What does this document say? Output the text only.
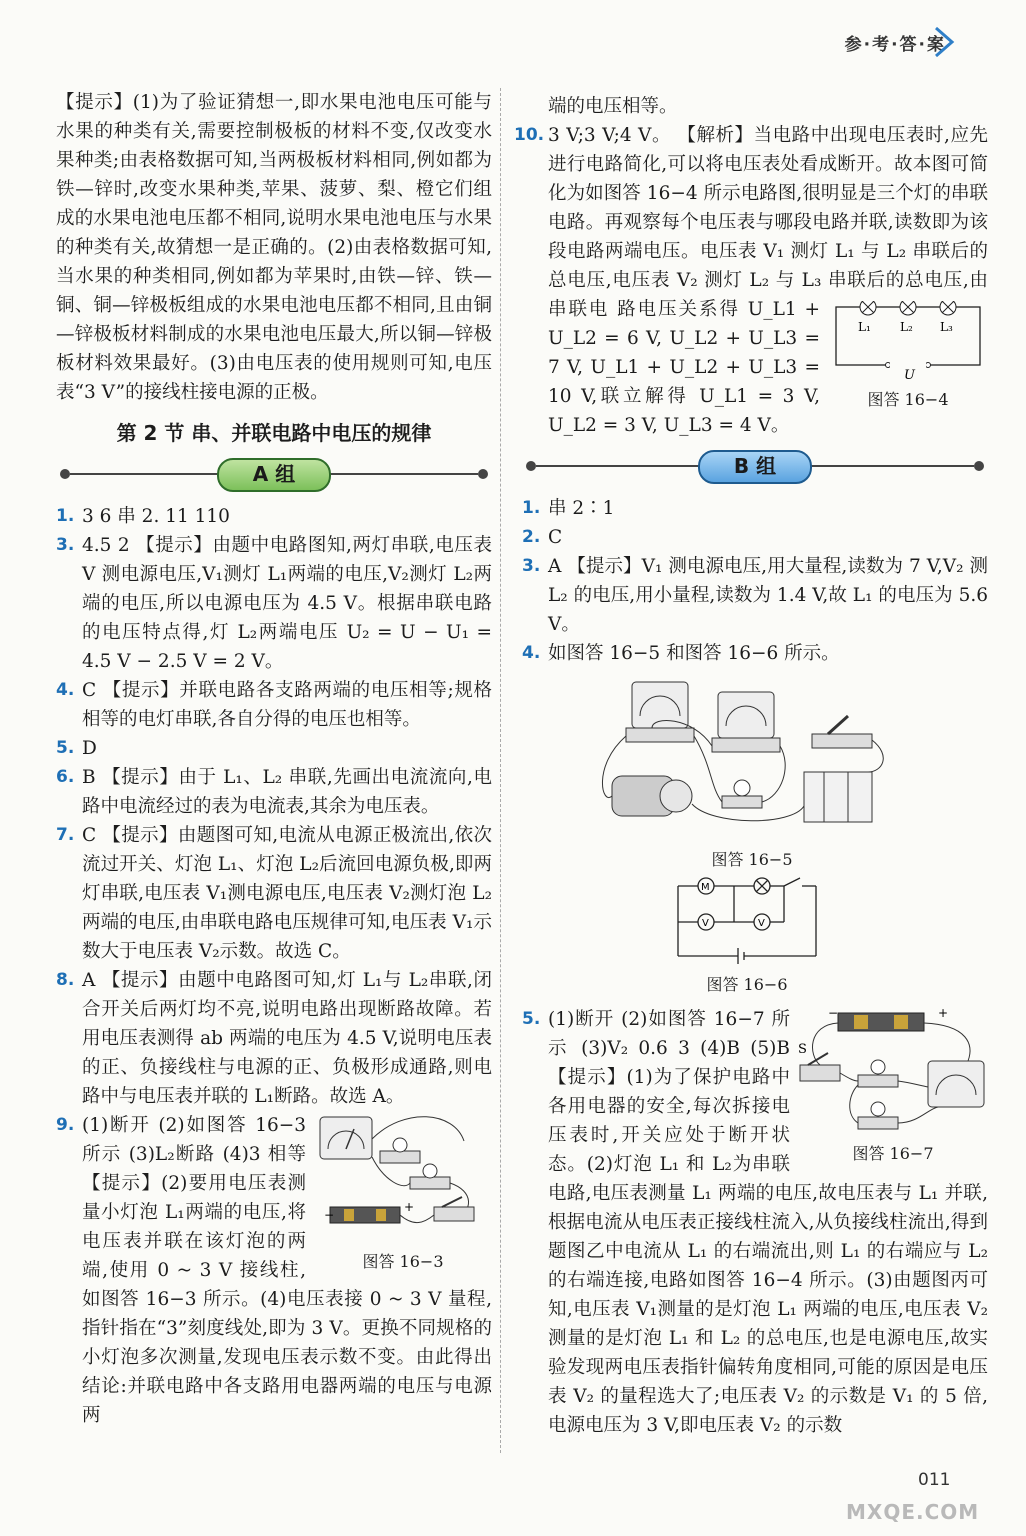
参·考·答·案

【提示】(1)为了验证猜想一,即水果电池电压可能与水果的种类有关,需要控制极板的材料不变,仅改变水果种类;由表格数据可知,当两极板材料相同,例如都为铁—锌时,改变水果种类,苹果、菠萝、梨、橙它们组成的水果电池电压都不相同,说明水果电池电压与水果的种类有关,故猜想一是正确的。(2)由表格数据可知,当水果的种类相同,例如都为苹果时,由铁—锌、铁—铜、铜—锌极板组成的水果电池电压都不相同,且由铜—锌极板材料制成的水果电池电压最大,所以铜—锌极板材料效果最好。(3)由电压表的使用规则可知,电压表“3 V”的接线柱接电源的正极。

第 2 节 串、并联电路中电压的规律
A 组
1. 3 6 串 2. 11 110
3. 4.5 2 【提示】由题中电路图知,两灯串联,电压表 V 测电源电压,V₁测灯 L₁两端的电压,V₂测灯 L₂两端的电压,所以电源电压为 4.5 V。根据串联电路的电压特点得,灯 L₂两端电压 U₂ = U − U₁ = 4.5 V − 2.5 V = 2 V。
4. C 【提示】并联电路各支路两端的电压相等;规格相等的电灯串联,各自分得的电压也相等。
5. D
6. B 【提示】由于 L₁、L₂ 串联,先画出电流流向,电路中电流经过的表为电流表,其余为电压表。
7. C 【提示】由题图可知,电流从电源正极流出,依次流过开关、灯泡 L₁、灯泡 L₂后流回电源负极,即两灯串联,电压表 V₁测电源电压,电压表 V₂测灯泡 L₂两端的电压,由串联电路电压规律可知,电压表 V₁示数大于电压表 V₂示数。故选 C。
8. A 【提示】由题中电路图可知,灯 L₁与 L₂串联,闭合开关后两灯均不亮,说明电路出现断路故障。若用电压表测得 ab 两端的电压为 4.5 V,说明电压表的正、负接线柱与电源的正、负极形成通路,则电路中与电压表并联的 L₁断路。故选 A。
9.
−
+
图答 16−3
(1)断开 (2)如图答 16−3 所示 (3)L₂断路 (4)3 相等 【提示】(2)要用电压表测量小灯泡 L₁两端的电压,将电压表并联在该灯泡的两端,使用 0 ~ 3 V 接线柱, 如图答 16−3 所示。(4)电压表接 0 ~ 3 V 量程,指针指在“3”刻度线处,即为 3 V。更换不同规格的小灯泡多次测量,发现电压表示数不变。由此得出结论:并联电路中各支路用电器两端的电压与电源两

端的电压相等。

10. 3 V;3 V;4 V。 【解析】当电路中出现电压表时,应先进行电路简化,可以将电压表处看成断开。故本图可简化为如图答 16−4 所示电路图,很明显是三个灯的串联电路。再观察每个电压表与哪段电路并联,读数即为该段电路两端电压。电压表 V₁ 测灯 L₁ 与 L₂ 串联后的总电压,电压表 V₂ 测灯 L₂ 与 L₃ 串联后的总电压,由串联电
L₁ L₂ L₃
U
图答 16−4
路电压关系得 U_L1 + U_L2 = 6 V, U_L2 + U_L3 = 7 V, U_L1 + U_L2 + U_L3 = 10 V,联立解得 U_L1 = 3 V, U_L2 = 3 V, U_L3 = 4 V。
B 组
1. 串 2∶1
2. C
3. A 【提示】V₁ 测电源电压,用大量程,读数为 7 V,V₂ 测 L₂ 的电压,用小量程,读数为 1.4 V,故 L₁ 的电压为 5.6 V。
4. 如图答 16−5 和图答 16−6 所示。
图答 16−5
M
V	V
图答 16−6
5.	−	+
S
图答 16−7
(1)断开 (2)如图答 16−7 所示 (3)V₂ 0.6 3 (4)B (5)B 【提示】(1)为了保护电路中各用电器的安全,每次拆接电压表时,开关应处于断开状态。(2)灯泡 L₁ 和 L₂为串联电路,电压表测量 L₁ 两端的电压,故电压表与 L₁ 并联,根据电流从电压表正接线柱流入,从负接线柱流出,得到题图乙中电流从 L₁ 的右端流出,则 L₁ 的右端应与 L₂ 的右端连接,电路如图答 16−4 所示。(3)由题图丙可知,电压表 V₁测量的是灯泡 L₁ 两端的电压,电压表 V₂ 测量的是灯泡 L₁ 和 L₂ 的总电压,也是电源电压,故实验发现两电压表指针偏转角度相同,可能的原因是电压表 V₂ 的量程选大了;电压表 V₂ 的示数是 V₁ 的 5 倍,电源电压为 3 V,即电压表 V₂ 的示数
011
MXQE.COM
